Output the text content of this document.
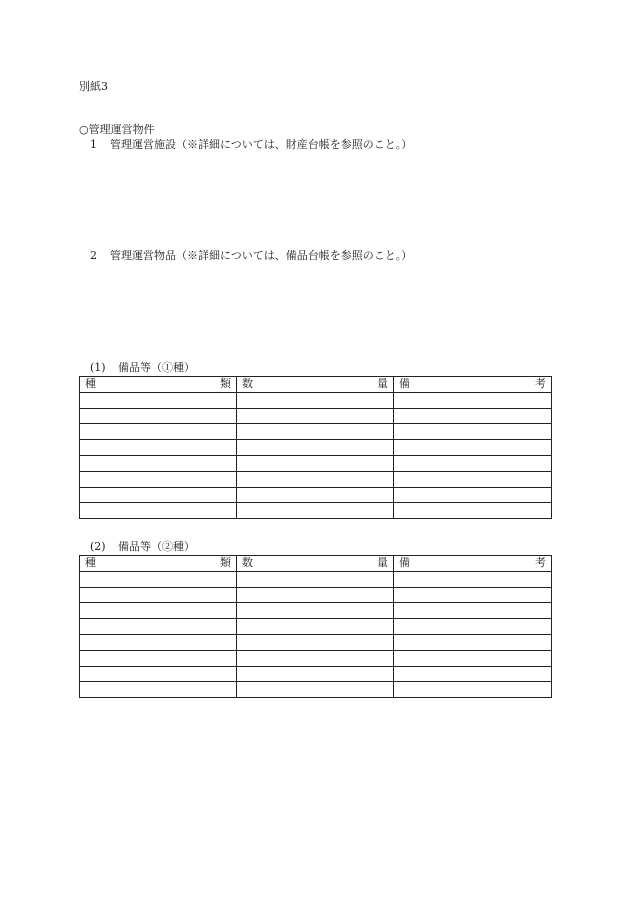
別紙3
○管理運営物件
1 管理運営施設（※詳細については、財産台帳を参照のこと。）
2 管理運営物品（※詳細については、備品台帳を参照のこと。）
(1) 備品等（①種）
種 類	数 量	備 考

(2) 備品等（②種）
種 類	数 量	備 考
